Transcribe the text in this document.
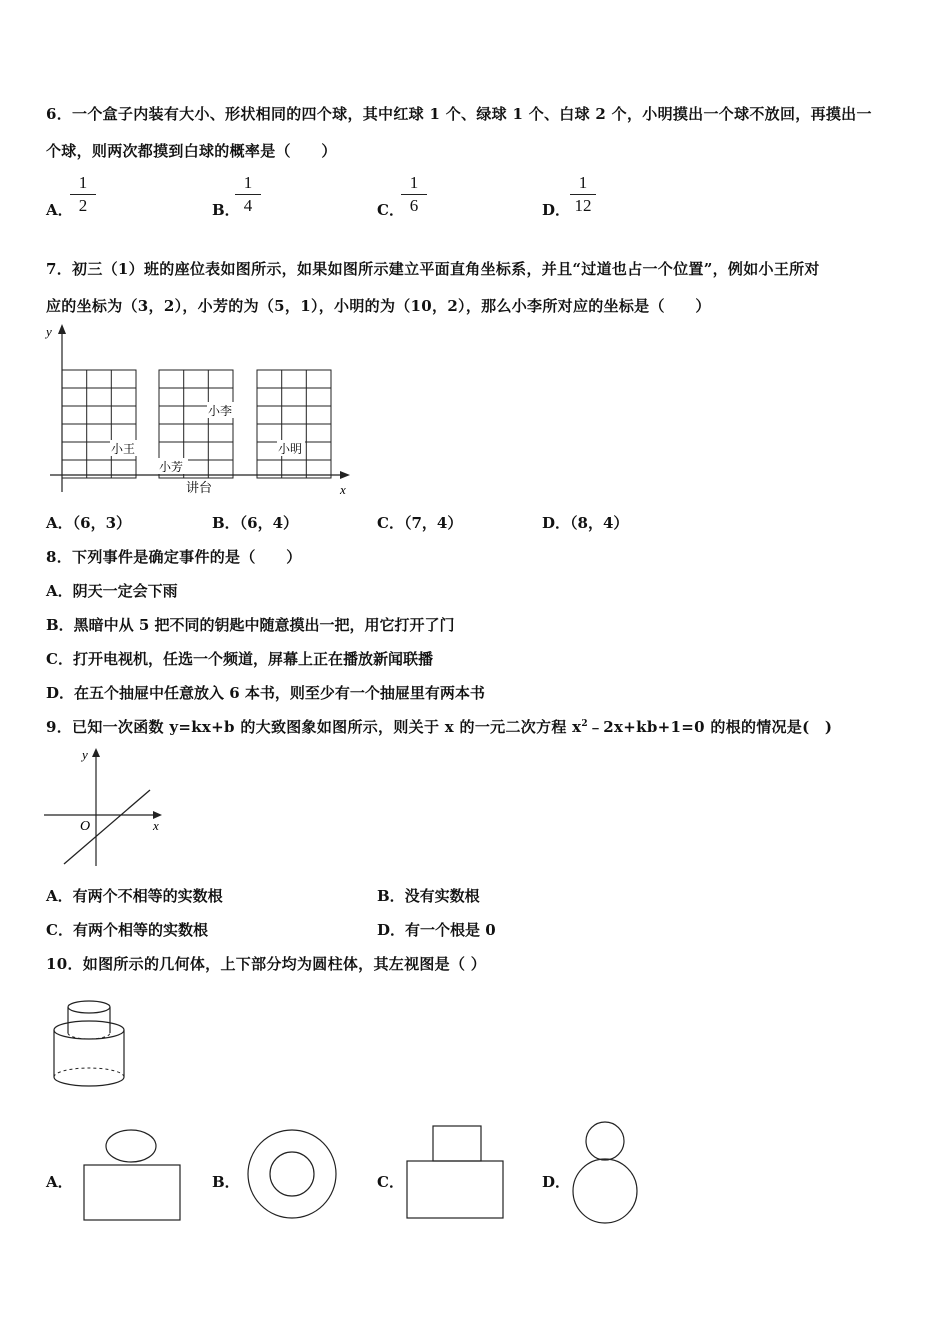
6．一个盒子内装有大小、形状相同的四个球，其中红球 1 个、绿球 1 个、白球 2 个，小明摸出一个球不放回，再摸出一
个球，则两次都摸到白球的概率是（　　）
A．
$\frac{1}{2}$	B．
$\frac{1}{4}$	C．
$\frac{1}{6}$	D． $\frac{1}{12}$
7．初三（1）班的座位表如图所示，如果如图所示建立平面直角坐标系，并且“过道也占一个位置”，例如小王所对
应的坐标为（3，2），小芳的为（5，1），小明的为（10，2），那么小李所对应的坐标是（　　）
y
x
小王
小芳
小李
小明
讲台
A．（6，3）	B．（6，4）	C．（7，4）	D．（8，4）
8．下列事件是确定事件的是（　　）
A．阴天一定会下雨
B．黑暗中从 5 把不同的钥匙中随意摸出一把，用它打开了门
C．打开电视机，任选一个频道，屏幕上正在播放新闻联播
D．在五个抽屉中任意放入 6 本书，则至少有一个抽屉里有两本书
9．已知一次函数 y=kx+b 的大致图象如图所示，则关于 x 的一元二次方程 $x^2﹣2x+kb+1=0$ 的根的情况是(　)
y
x
O
A．有两个不相等的实数根	B．没有实数根
C．有两个相等的实数根	D．有一个根是 0
10．如图所示的几何体，上下部分均为圆柱体，其左视图是（ ）
A．	B．	C．	D．
